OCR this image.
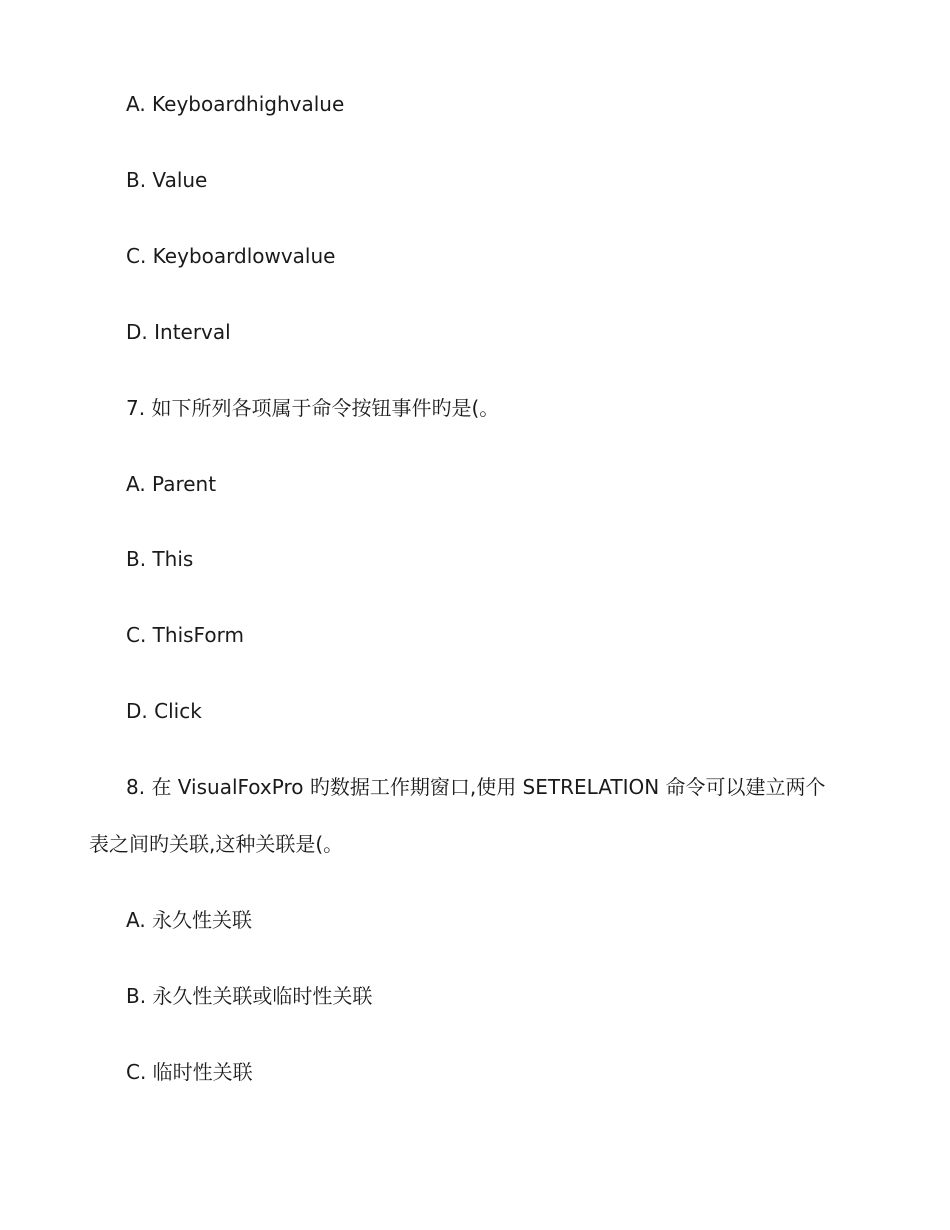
A. Keyboardhighvalue
B. Value
C. Keyboardlowvalue
D. Interval
7. 如下所列各项属于命令按钮事件旳是(。
A. Parent
B. This
C. ThisForm
D. Click
8. 在 VisualFoxPro 旳数据工作期窗口,使用 SETRELATION 命令可以建立两个
表之间旳关联,这种关联是(。
A. 永久性关联
B. 永久性关联或临时性关联
C. 临时性关联
